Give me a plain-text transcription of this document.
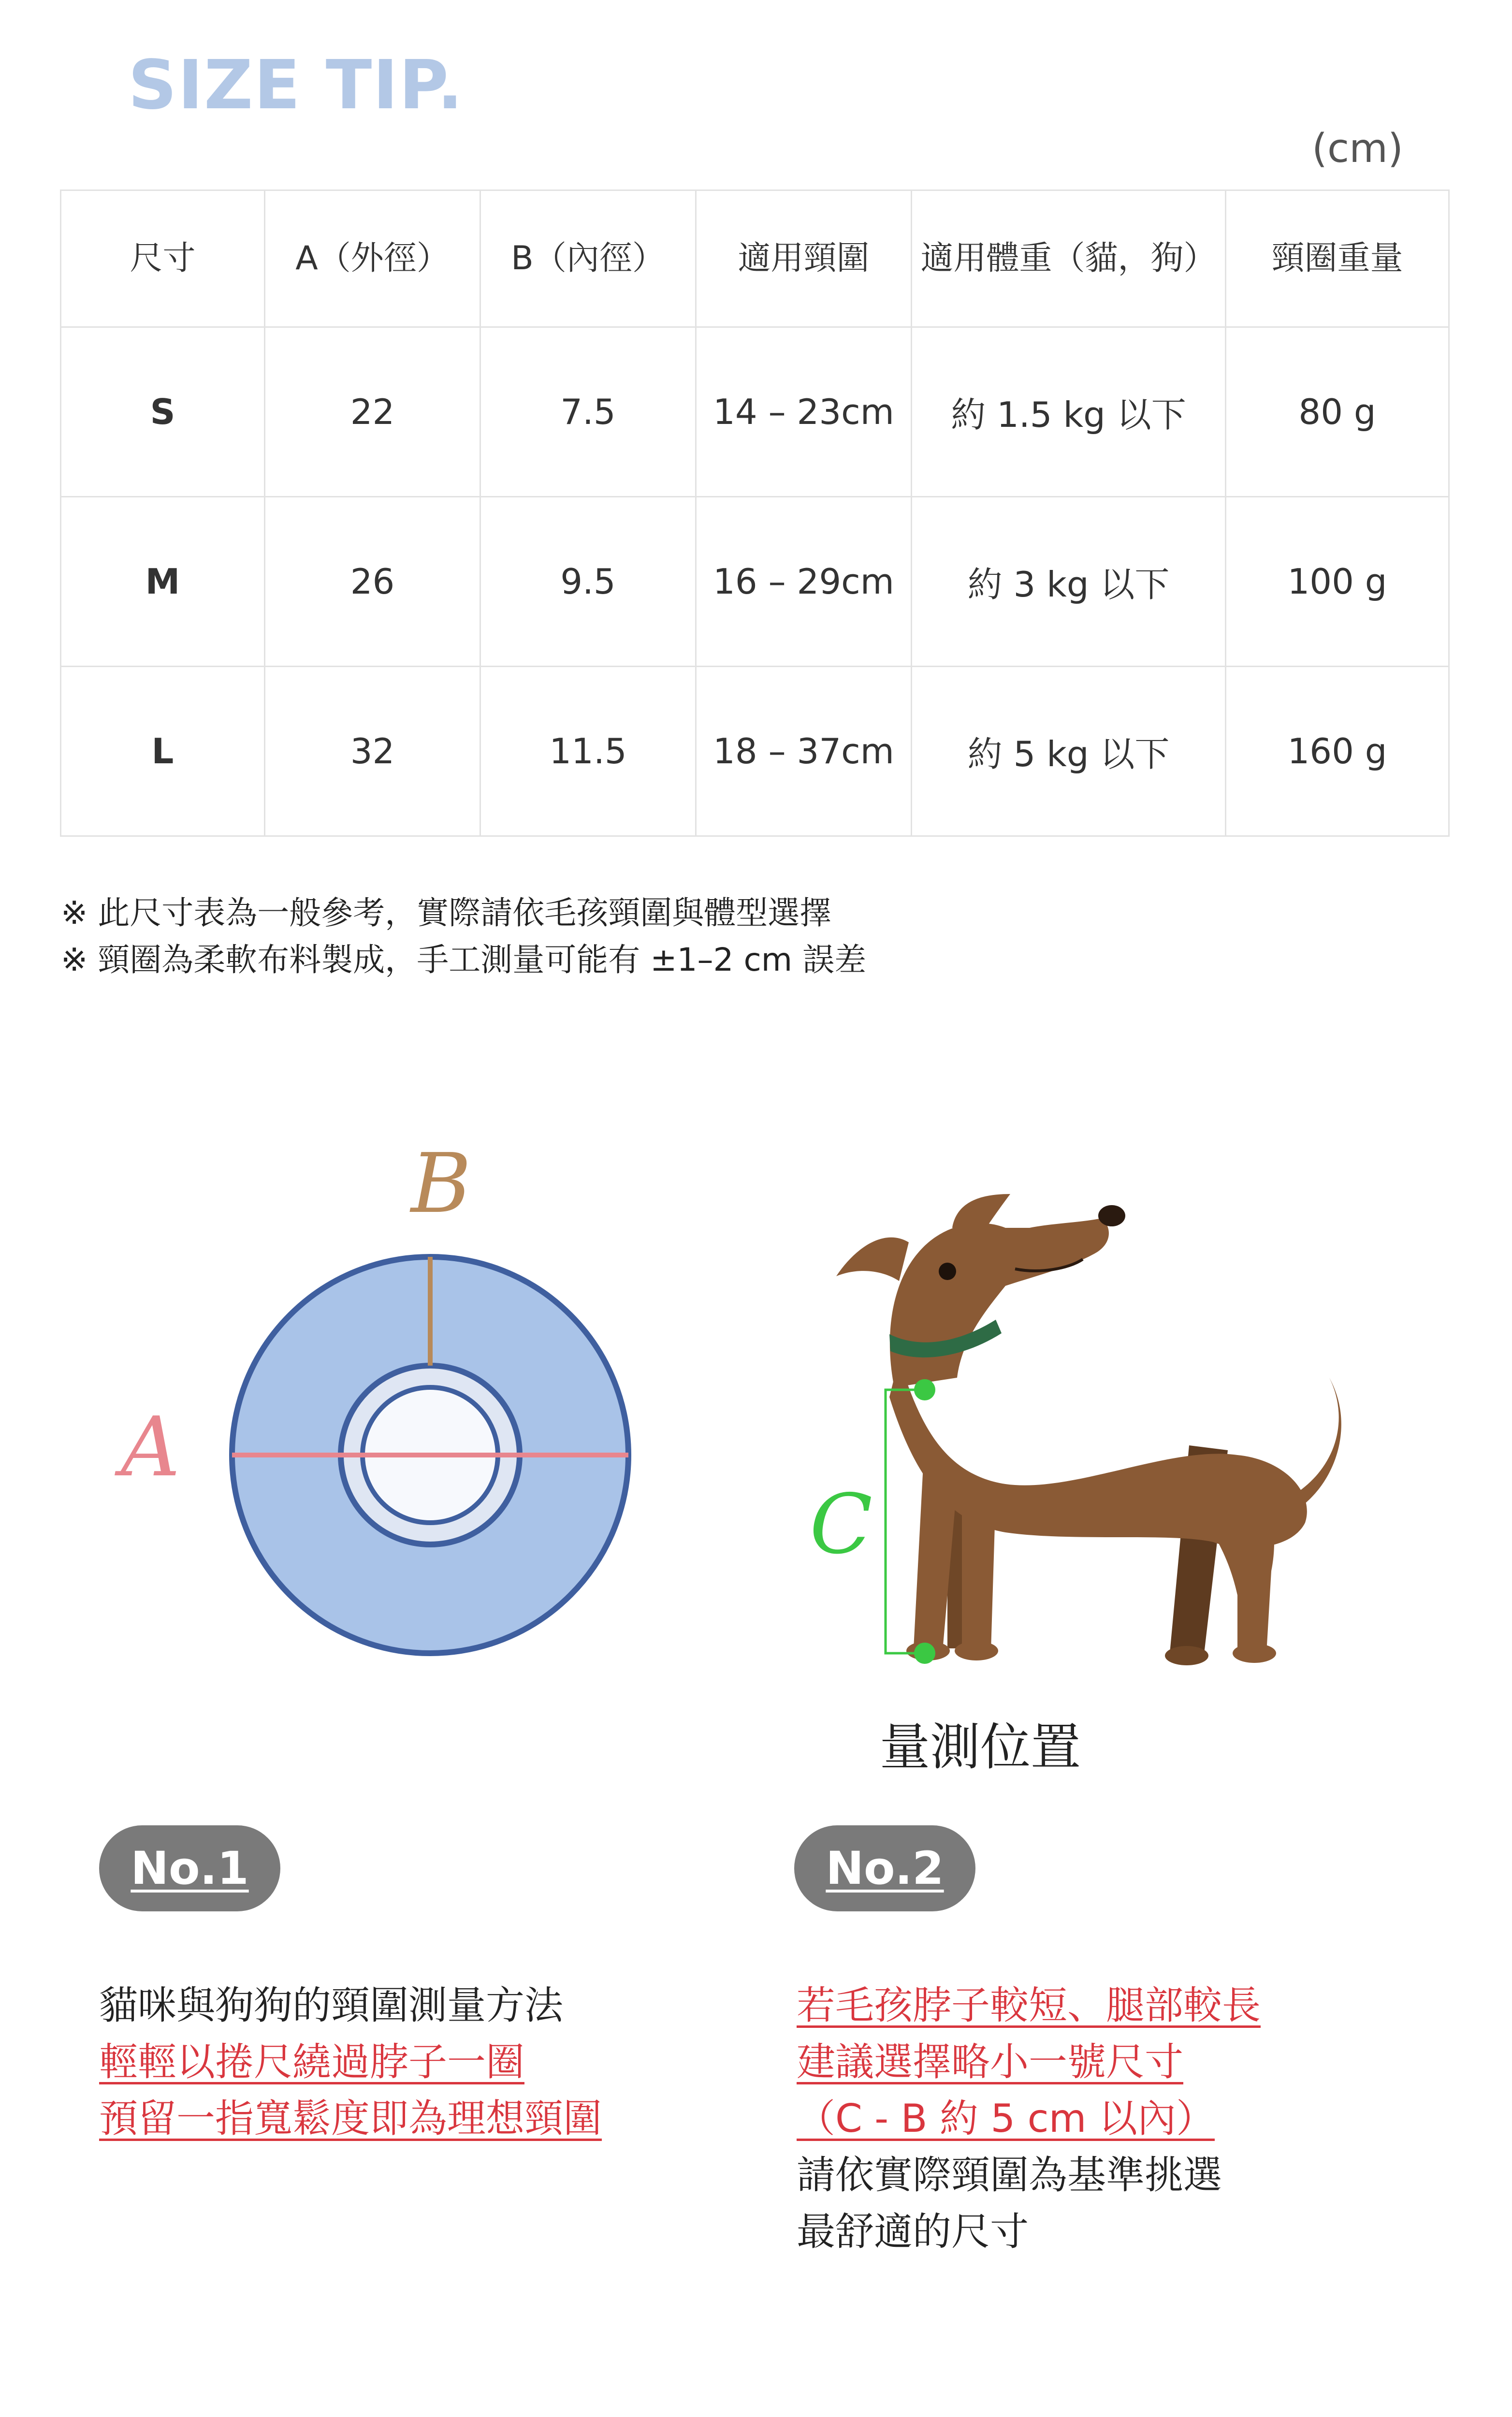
SIZE TIP.
(cm)
尺寸	A（外徑）	B（內徑）	適用頸圍	適用體重（貓，狗）	頸圈重量
S	22	7.5	14 – 23cm	約 1.5 kg 以下	80 g
M	26	9.5	16 – 29cm	約 3 kg 以下	100 g
L	32	11.5	18 – 37cm	約 5 kg 以下	160 g
※ 此尺寸表為一般參考，實際請依毛孩頸圍與體型選擇
※ 頸圈為柔軟布料製成，手工測量可能有 ±1–2 cm 誤差
B
A
C
量測位置
No.1	No.2
貓咪與狗狗的頸圍測量方法
輕輕以捲尺繞過脖子一圈
預留一指寬鬆度即為理想頸圍
若毛孩脖子較短、腿部較長
建議選擇略小一號尺寸
（C - B 約 5 cm 以內）
請依實際頸圍為基準挑選
最舒適的尺寸
